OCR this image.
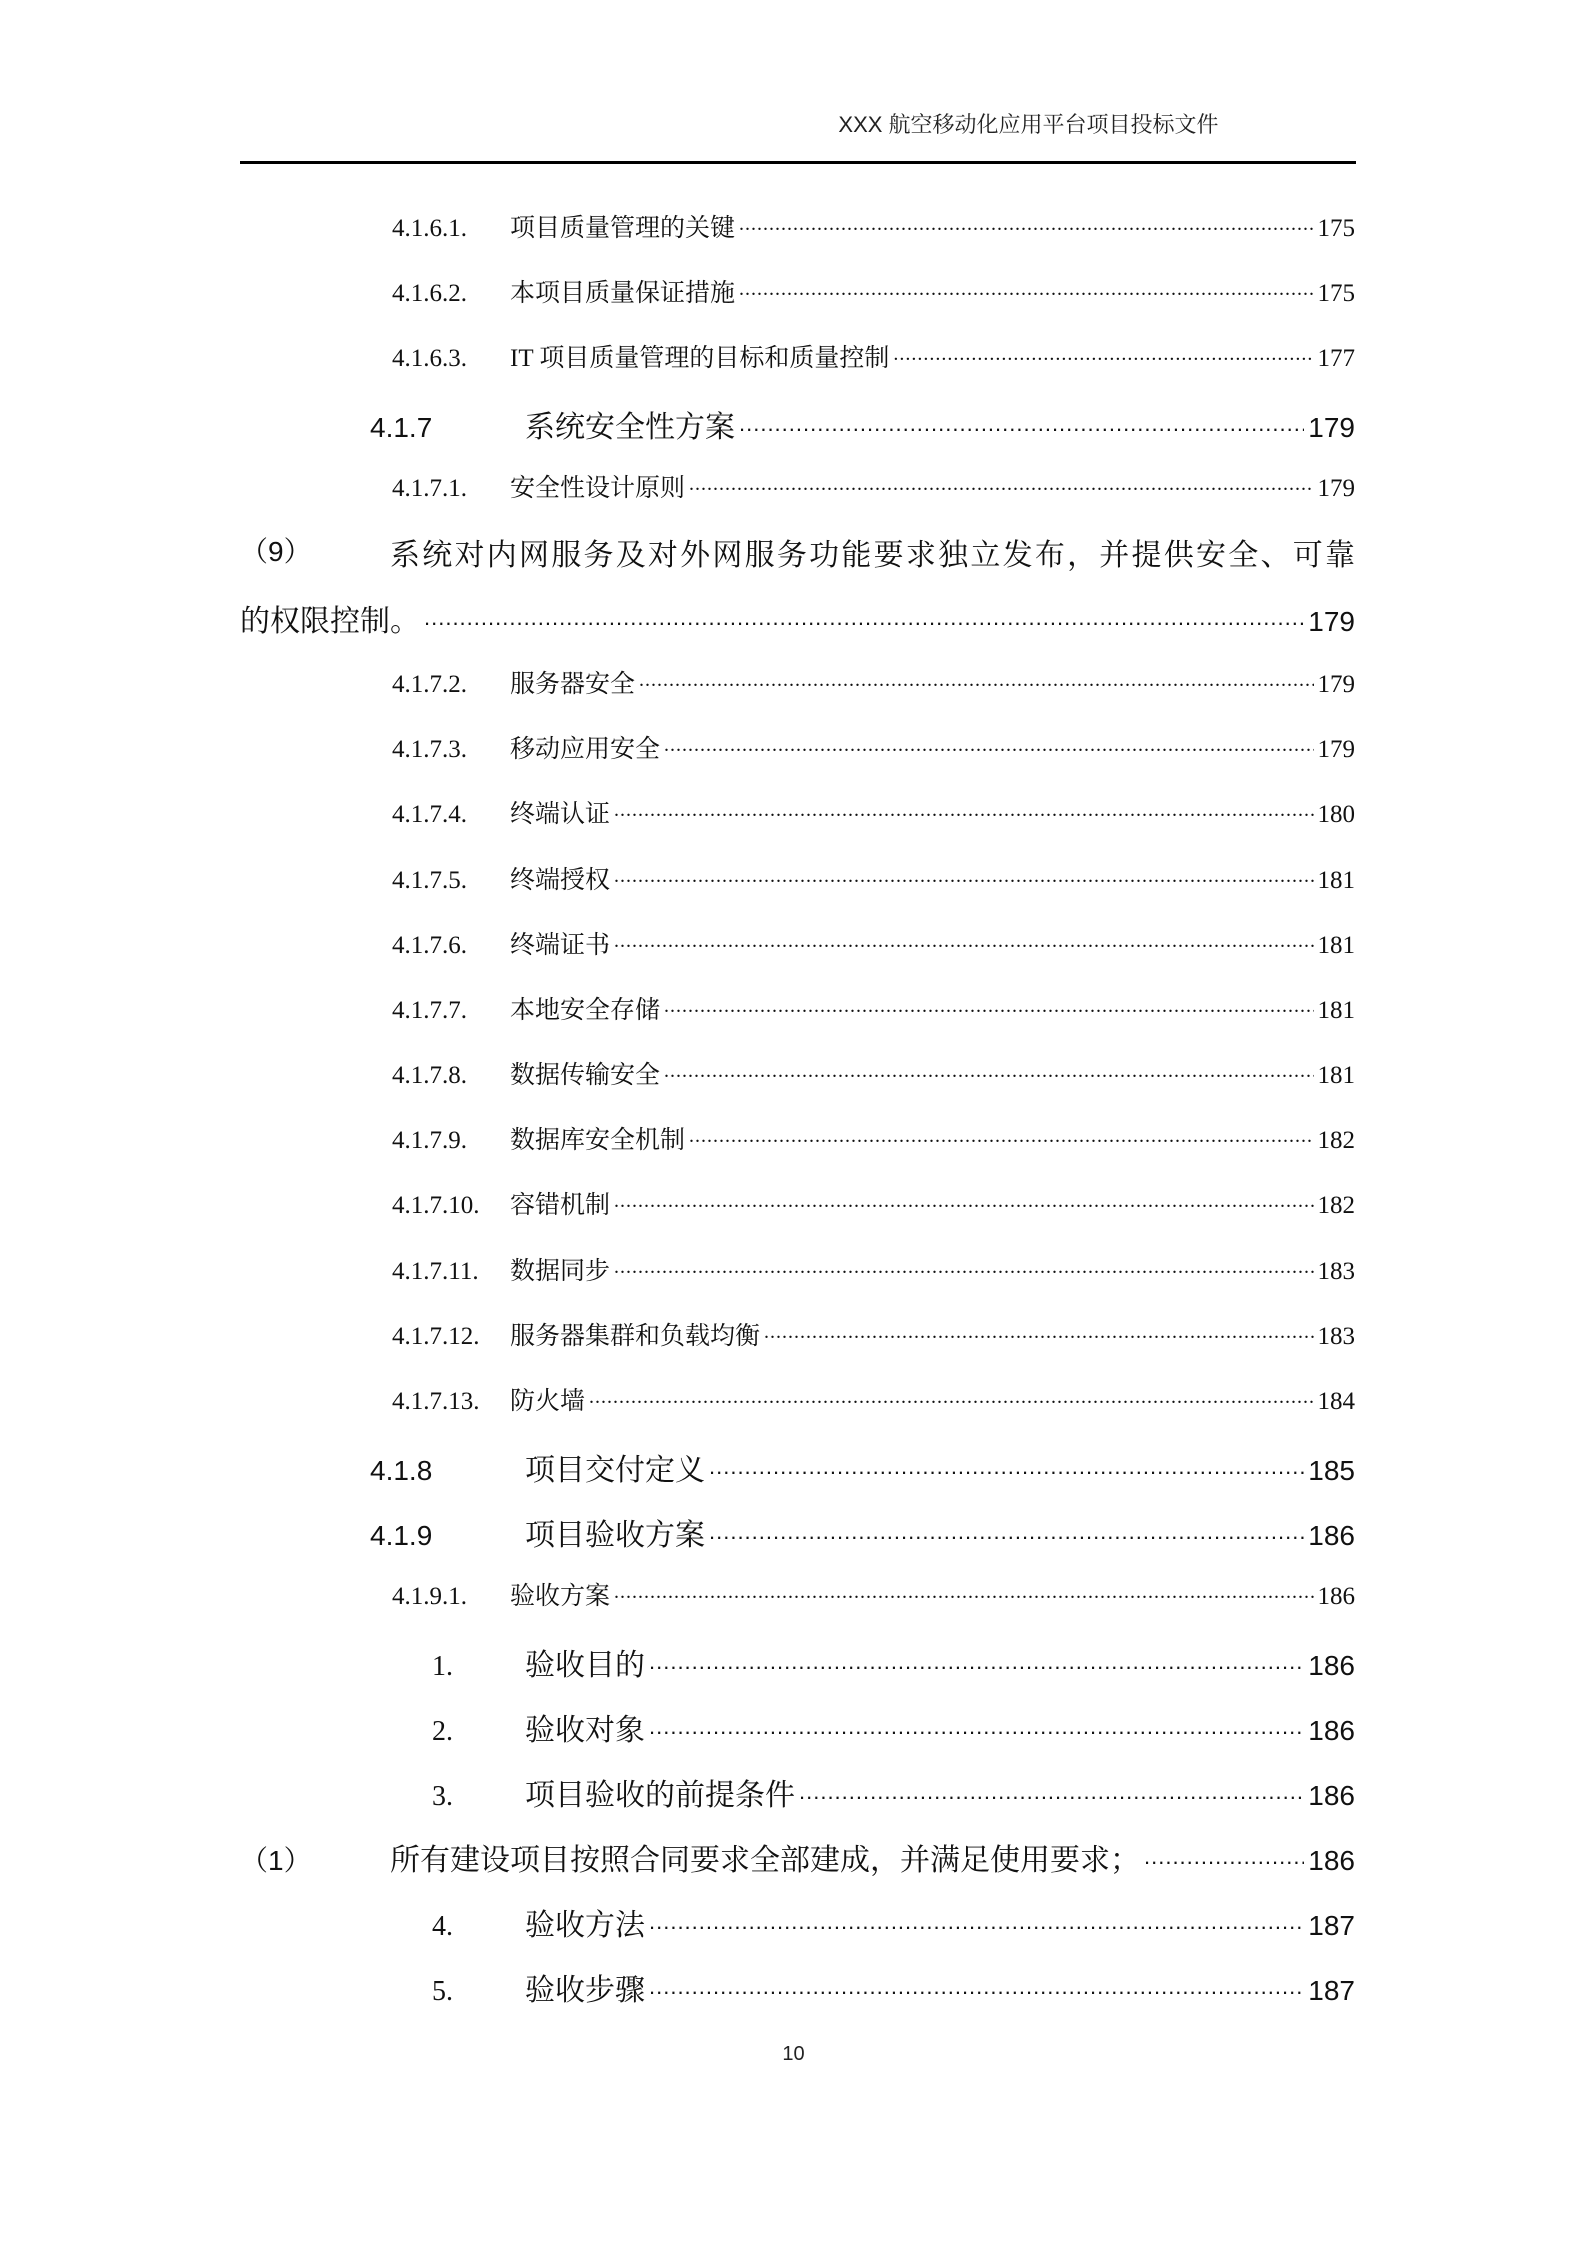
XXX 航空移动化应用平台项目投标文件
4.1.6.1.	项目质量管理的关键 .....	175
4.1.6.2.	本项目质量保证措施 .....	175
4.1.6.3.	IT 项目质量管理的目标和质量控制 .....	177
4.1.7	系统安全性方案 .....	179
4.1.7.1.	安全性设计原则 .....	179
（9）	系统对内网服务及对外网服务功能要求独立发布，并提供安全、可靠
的权限控制。 .....	179
4.1.7.2.	服务器安全 .....	179
4.1.7.3.	移动应用安全 .....	179
4.1.7.4.	终端认证 .....	180
4.1.7.5.	终端授权 .....	181
4.1.7.6.	终端证书 .....	181
4.1.7.7.	本地安全存储 .....	181
4.1.7.8.	数据传输安全 .....	181
4.1.7.9.	数据库安全机制 .....	182
4.1.7.10.	容错机制 .....	182
4.1.7.11.	数据同步 .....	183
4.1.7.12.	服务器集群和负载均衡 .....	183
4.1.7.13.	防火墙 .....	184
4.1.8	项目交付定义 .....	185
4.1.9	项目验收方案 .....	186
4.1.9.1.	验收方案 .....	186
1.	验收目的 .....	186
2.	验收对象 .....	186
3.	项目验收的前提条件 .....	186
（1）	所有建设项目按照合同要求全部建成，并满足使用要求； .....	186
4.	验收方法 .....	187
5.	验收步骤 .....	187
10
